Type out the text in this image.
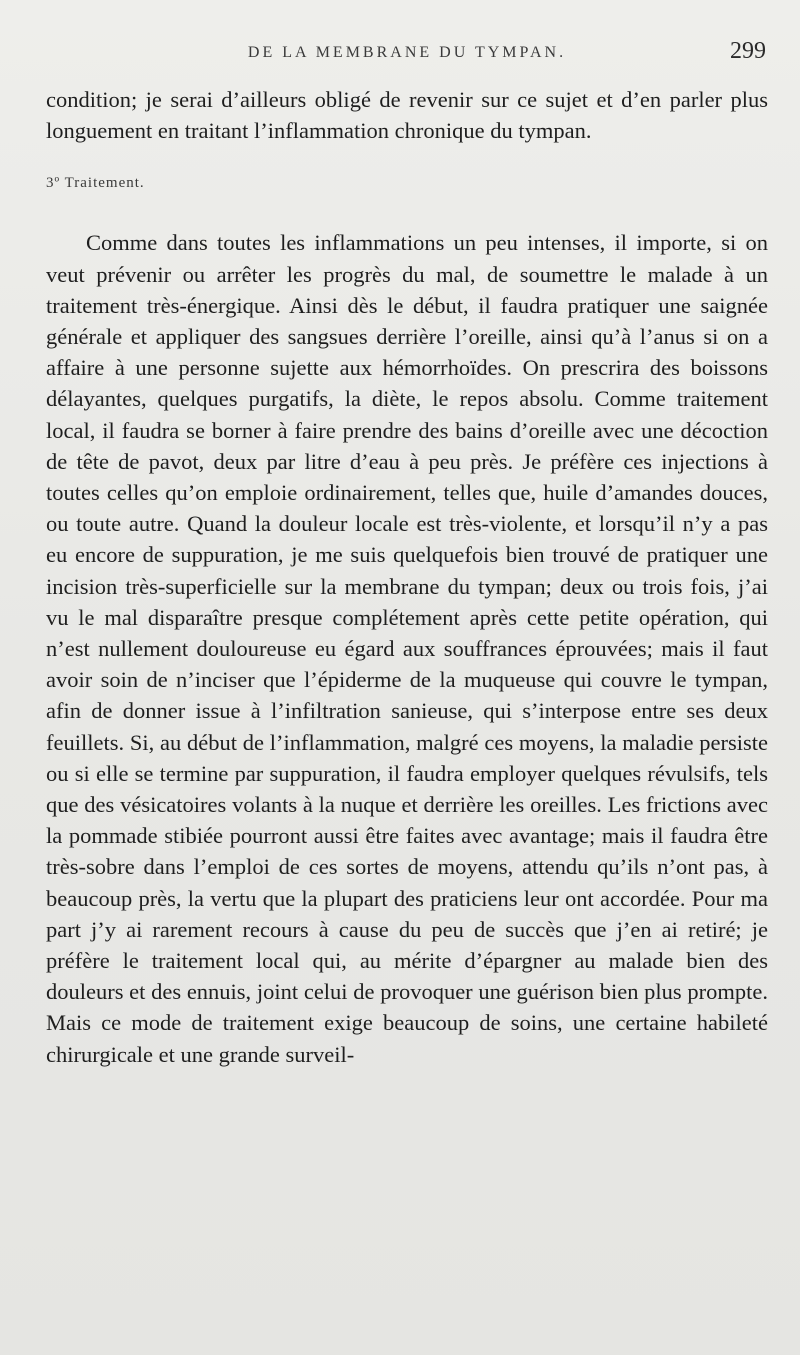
DE LA MEMBRANE DU TYMPAN.	299

condition; je serai d’ailleurs obligé de revenir sur ce sujet et d’en parler plus longuement en traitant l’inflammation chronique du tympan.

3º Traitement.

Comme dans toutes les inflammations un peu intenses, il importe, si on veut prévenir ou arrêter les progrès du mal, de soumettre le malade à un traitement très-énergique. Ainsi dès le début, il faudra pratiquer une saignée générale et appliquer des sangsues derrière l’oreille, ainsi qu’à l’anus si on a affaire à une personne sujette aux hémorrhoïdes. On prescrira des boissons délayantes, quelques purgatifs, la diète, le repos absolu. Comme traitement local, il faudra se borner à faire prendre des bains d’oreille avec une décoction de tête de pavot, deux par litre d’eau à peu près. Je préfère ces injections à toutes celles qu’on emploie ordinairement, telles que, huile d’amandes douces, ou toute autre. Quand la douleur locale est très-violente, et lorsqu’il n’y a pas eu encore de suppuration, je me suis quelquefois bien trouvé de pratiquer une incision très-superficielle sur la membrane du tympan; deux ou trois fois, j’ai vu le mal disparaître presque complétement après cette petite opération, qui n’est nullement douloureuse eu égard aux souffrances éprouvées; mais il faut avoir soin de n’inciser que l’épiderme de la muqueuse qui couvre le tympan, afin de donner issue à l’infiltration sanieuse, qui s’interpose entre ses deux feuillets. Si, au début de l’inflammation, malgré ces moyens, la maladie persiste ou si elle se termine par suppuration, il faudra employer quelques révulsifs, tels que des vésicatoires volants à la nuque et derrière les oreilles. Les frictions avec la pommade stibiée pourront aussi être faites avec avantage; mais il faudra être très-sobre dans l’emploi de ces sortes de moyens, attendu qu’ils n’ont pas, à beaucoup près, la vertu que la plupart des praticiens leur ont accordée. Pour ma part j’y ai rarement recours à cause du peu de succès que j’en ai retiré; je préfère le traitement local qui, au mérite d’épargner au malade bien des douleurs et des ennuis, joint celui de provoquer une guérison bien plus prompte. Mais ce mode de traitement exige beaucoup de soins, une certaine habileté chirurgicale et une grande surveil-
